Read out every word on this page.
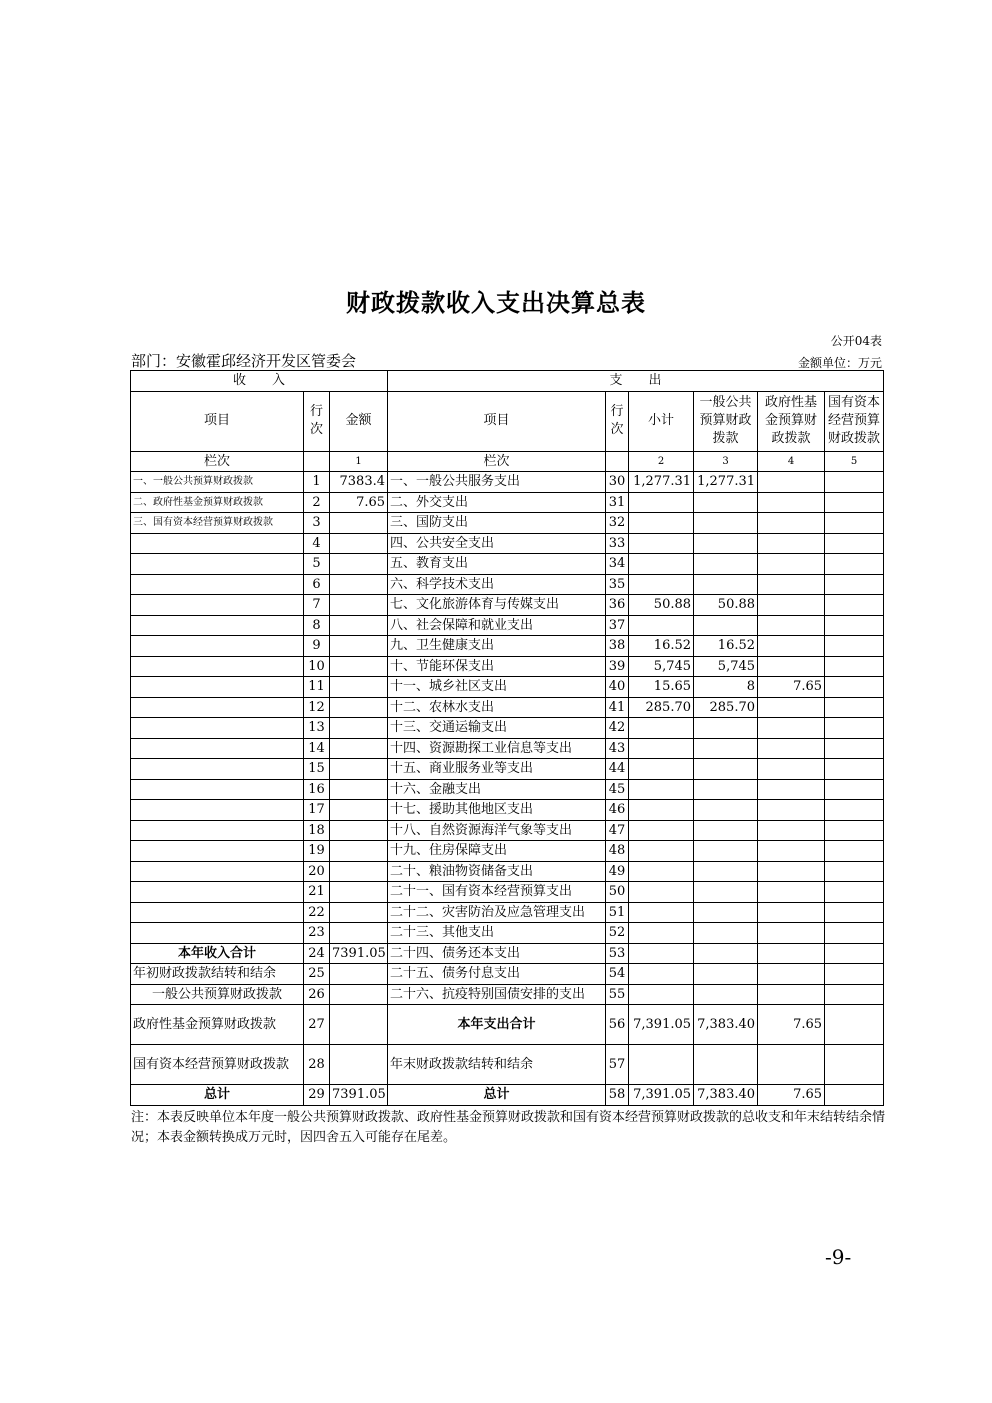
财政拨款收入支出决算总表
公开04表
部门：安徽霍邱经济开发区管委会	金额单位：万元
收　　入			支　　出					
项目	行次	金额	项目	行次	小计	一般公共预算财政拨款	政府性基金预算财政拨款	国有资本经营预算财政拨款
栏次		1	栏次		2	3	4	5
一、一般公共预算财政拨款	1	7383.4	一、一般公共服务支出	30	1,277.31	1,277.31		
二、政府性基金预算财政拨款	2	7.65	二、外交支出	31				
三、国有资本经营预算财政拨款	3		三、国防支出	32				
	4		四、公共安全支出	33				
	5		五、教育支出	34				
	6		六、科学技术支出	35				
	7		七、文化旅游体育与传媒支出	36	50.88	50.88		
	8		八、社会保障和就业支出	37				
	9		九、卫生健康支出	38	16.52	16.52		
	10		十、节能环保支出	39	5,745	5,745		
	11		十一、城乡社区支出	40	15.65	8	7.65	
	12		十二、农林水支出	41	285.70	285.70		
	13		十三、交通运输支出	42				
	14		十四、资源勘探工业信息等支出	43				
	15		十五、商业服务业等支出	44				
	16		十六、金融支出	45				
	17		十七、援助其他地区支出	46				
	18		十八、自然资源海洋气象等支出	47				
	19		十九、住房保障支出	48				
	20		二十、粮油物资储备支出	49				
	21		二十一、国有资本经营预算支出	50				
	22		二十二、灾害防治及应急管理支出	51				
	23		二十三、其他支出	52				
本年收入合计	24	7391.05	二十四、债务还本支出	53				
年初财政拨款结转和结余	25		二十五、债务付息支出	54				
一般公共预算财政拨款	26		二十六、抗疫特别国债安排的支出	55				
政府性基金预算财政拨款	27		本年支出合计	56	7,391.05	7,383.40	7.65	
国有资本经营预算财政拨款	28		年末财政拨款结转和结余	57				
总计	29	7391.05	总计	58	7,391.05	7,383.40	7.65	
注：本表反映单位本年度一般公共预算财政拨款、政府性基金预算财政拨款和国有资本经营预算财政拨款的总收支和年末结转结余情况；本表金额转换成万元时，因四舍五入可能存在尾差。
-9-
